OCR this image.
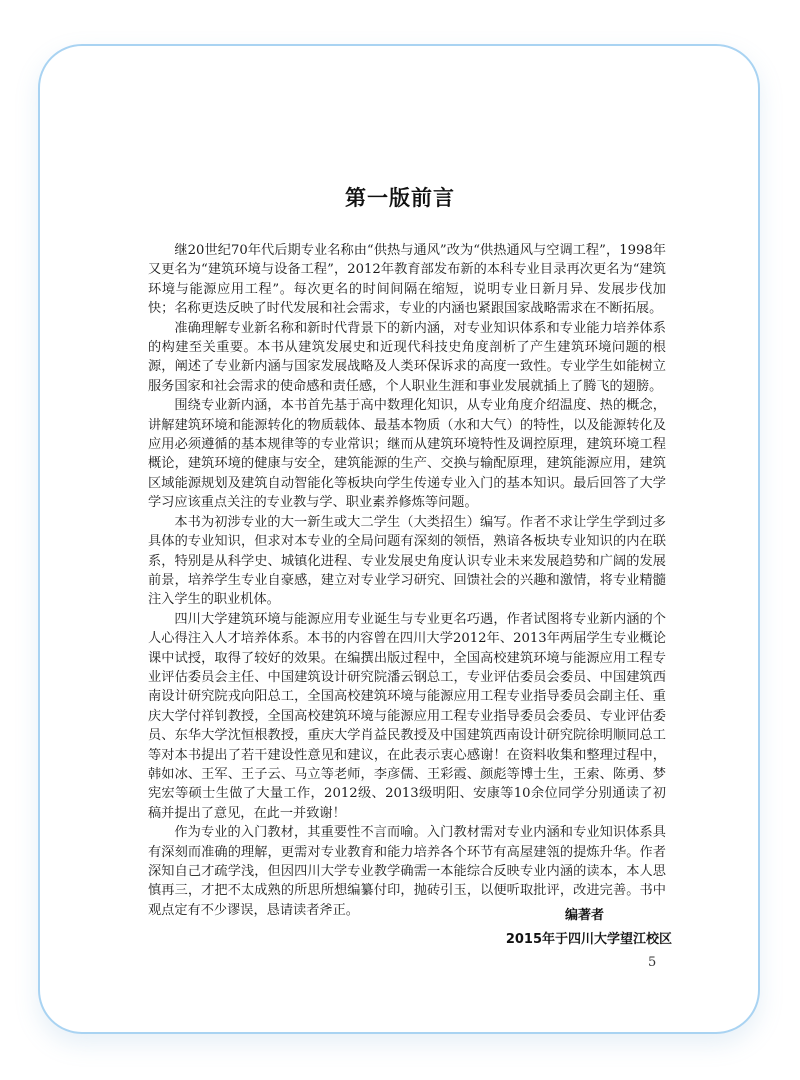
第一版前言

继20世纪70年代后期专业名称由“供热与通风”改为“供热通风与空调工程”，1998年又更名为“建筑环境与设备工程”，2012年教育部发布新的本科专业目录再次更名为“建筑环境与能源应用工程”。每次更名的时间间隔在缩短，说明专业日新月异、发展步伐加快；名称更迭反映了时代发展和社会需求，专业的内涵也紧跟国家战略需求在不断拓展。

准确理解专业新名称和新时代背景下的新内涵，对专业知识体系和专业能力培养体系的构建至关重要。本书从建筑发展史和近现代科技史角度剖析了产生建筑环境问题的根源，阐述了专业新内涵与国家发展战略及人类环保诉求的高度一致性。专业学生如能树立服务国家和社会需求的使命感和责任感，个人职业生涯和事业发展就插上了腾飞的翅膀。

围绕专业新内涵，本书首先基于高中数理化知识，从专业角度介绍温度、热的概念，讲解建筑环境和能源转化的物质载体、最基本物质（水和大气）的特性，以及能源转化及应用必须遵循的基本规律等的专业常识；继而从建筑环境特性及调控原理，建筑环境工程概论，建筑环境的健康与安全，建筑能源的生产、交换与输配原理，建筑能源应用，建筑区域能源规划及建筑自动智能化等板块向学生传递专业入门的基本知识。最后回答了大学学习应该重点关注的专业教与学、职业素养修炼等问题。

本书为初涉专业的大一新生或大二学生（大类招生）编写。作者不求让学生学到过多具体的专业知识，但求对本专业的全局问题有深刻的领悟，熟谙各板块专业知识的内在联系，特别是从科学史、城镇化进程、专业发展史角度认识专业未来发展趋势和广阔的发展前景，培养学生专业自豪感，建立对专业学习研究、回馈社会的兴趣和激情，将专业精髓注入学生的职业机体。

四川大学建筑环境与能源应用专业诞生与专业更名巧遇，作者试图将专业新内涵的个人心得注入人才培养体系。本书的内容曾在四川大学2012年、2013年两届学生专业概论课中试授，取得了较好的效果。在编撰出版过程中，全国高校建筑环境与能源应用工程专业评估委员会主任、中国建筑设计研究院潘云钢总工，专业评估委员会委员、中国建筑西南设计研究院戎向阳总工，全国高校建筑环境与能源应用工程专业指导委员会副主任、重庆大学付祥钊教授，全国高校建筑环境与能源应用工程专业指导委员会委员、专业评估委员、东华大学沈恒根教授，重庆大学肖益民教授及中国建筑西南设计研究院徐明顺同总工等对本书提出了若干建设性意见和建议，在此表示衷心感谢！在资料收集和整理过程中，韩如冰、王军、王子云、马立等老师，李彦儒、王彩霞、颜彪等博士生，王索、陈勇、梦宪宏等硕士生做了大量工作，2012级、2013级明阳、安康等10余位同学分别通读了初稿并提出了意见，在此一并致谢！

作为专业的入门教材，其重要性不言而喻。入门教材需对专业内涵和专业知识体系具有深刻而准确的理解，更需对专业教育和能力培养各个环节有高屋建瓴的提炼升华。作者深知自己才疏学浅，但因四川大学专业教学确需一本能综合反映专业内涵的读本，本人思慎再三，才把不太成熟的所思所想编纂付印，抛砖引玉，以便听取批评，改进完善。书中观点定有不少谬误，恳请读者斧正。	编著者
2015年于四川大学望江校区
5
